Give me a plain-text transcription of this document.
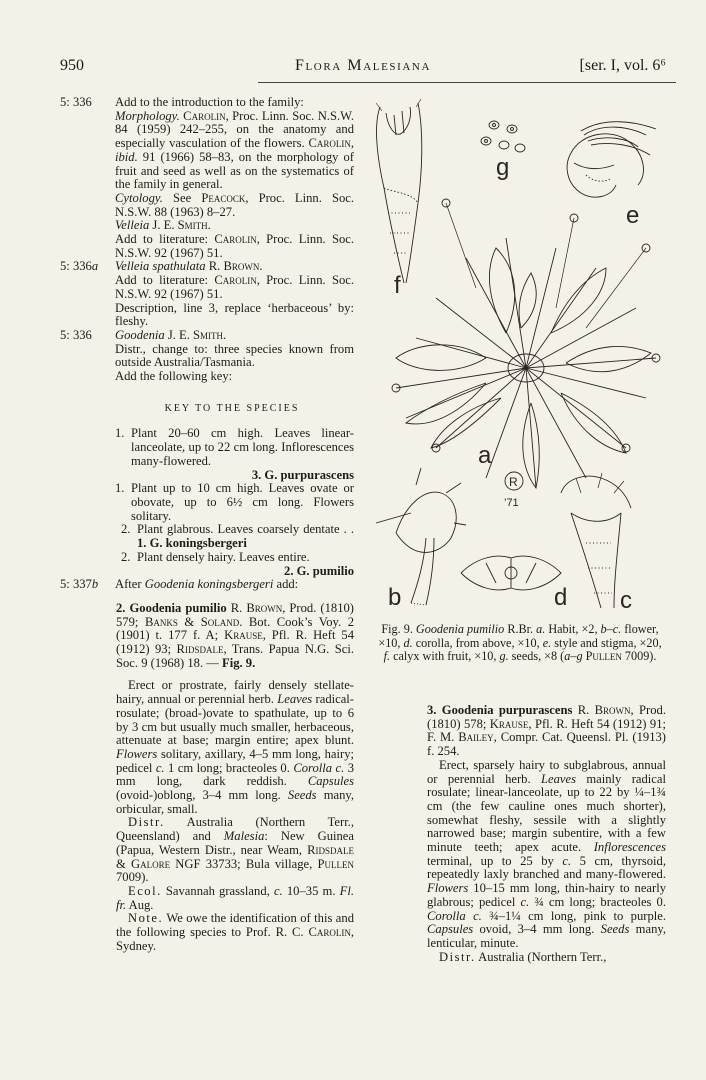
950	Flora Malesiana	[ser. I, vol. 6⁶
5: 336	Add to the introduction to the family:

Morphology. Carolin, Proc. Linn. Soc. N.S.W. 84 (1959) 242–255, on the anatomy and especially vasculation of the flowers. Carolin, ibid. 91 (1966) 58–83, on the morphology of fruit and seed as well as on the systematics of the family in general.

Cytology. See Peacock, Proc. Linn. Soc. N.S.W. 88 (1963) 8–27.

Velleia J. E. Smith.

Add to literature: Carolin, Proc. Linn. Soc. N.S.W. 92 (1967) 51.

5: 336a	Velleia spathulata R. Brown.

Add to literature: Carolin, Proc. Linn. Soc. N.S.W. 92 (1967) 51.

Description, line 3, replace ‘herbaceous’ by: fleshy.

5: 336	Goodenia J. E. Smith.

Distr., change to: three species known from outside Australia/Tasmania.

Add the following key:

KEY TO THE SPECIES
1. Plant 20–60 cm high. Leaves linear-lanceolate, up to 22 cm long. Inflorescences many-flowered.
3. G. purpurascens
1. Plant up to 10 cm high. Leaves ovate or obovate, up to 6½ cm long. Flowers solitary.
2. Plant glabrous. Leaves coarsely dentate . . 1. G. koningsbergeri
2. Plant densely hairy. Leaves entire.
2. G. pumilio
5: 337b	After Goodenia koningsbergeri add:

2. Goodenia pumilio R. Brown, Prod. (1810) 579; Banks & Soland. Bot. Cook’s Voy. 2 (1901) t. 177 f. A; Krause, Pfl. R. Heft 54 (1912) 93; Ridsdale, Trans. Papua N.G. Sci. Soc. 9 (1968) 18. — Fig. 9.

Erect or prostrate, fairly densely stellate-hairy, annual or perennial herb. Leaves radical-rosulate; (broad-)ovate to spathulate, up to 6 by 3 cm but usually much smaller, herbaceous, attenuate at base; margin entire; apex blunt. Flowers solitary, axillary, 4–5 mm long, hairy; pedicel c. 1 cm long; bracteoles 0. Corolla c. 3 mm long, dark reddish. Capsules (ovoid-)oblong, 3–4 mm long. Seeds many, orbicular, small.

Distr. Australia (Northern Terr., Queensland) and Malesia: New Guinea (Papua, Western Distr., near Weam, Ridsdale & Galore NGF 33733; Bula village, Pullen 7009).

Ecol. Savannah grassland, c. 10–35 m. Fl. fr. Aug.

Note. We owe the identification of this and the following species to Prof. R. C. Carolin, Sydney.

f
g
e
a
b	d c
R
’71
Fig. 9. Goodenia pumilio R.Br. a. Habit, ×2, b–c. flower, ×10, d. corolla, from above, ×10, e. style and stigma, ×20, f. calyx with fruit, ×10, g. seeds, ×8 (a–g Pullen 7009).

3. Goodenia purpurascens R. Brown, Prod. (1810) 578; Krause, Pfl. R. Heft 54 (1912) 91; F. M. Bailey, Compr. Cat. Queensl. Pl. (1913) f. 254.

Erect, sparsely hairy to subglabrous, annual or perennial herb. Leaves mainly radical rosulate; linear-lanceolate, up to 22 by ¼–1¾ cm (the few cauline ones much shorter), somewhat fleshy, sessile with a slightly narrowed base; margin subentire, with a few minute teeth; apex acute. Inflorescences terminal, up to 25 by c. 5 cm, thyrsoid, repeatedly laxly branched and many-flowered. Flowers 10–15 mm long, thin-hairy to nearly glabrous; pedicel c. ¾ cm long; bracteoles 0. Corolla c. ¾–1¼ cm long, pink to purple. Capsules ovoid, 3–4 mm long. Seeds many, lenticular, minute.

Distr. Australia (Northern Terr.,
